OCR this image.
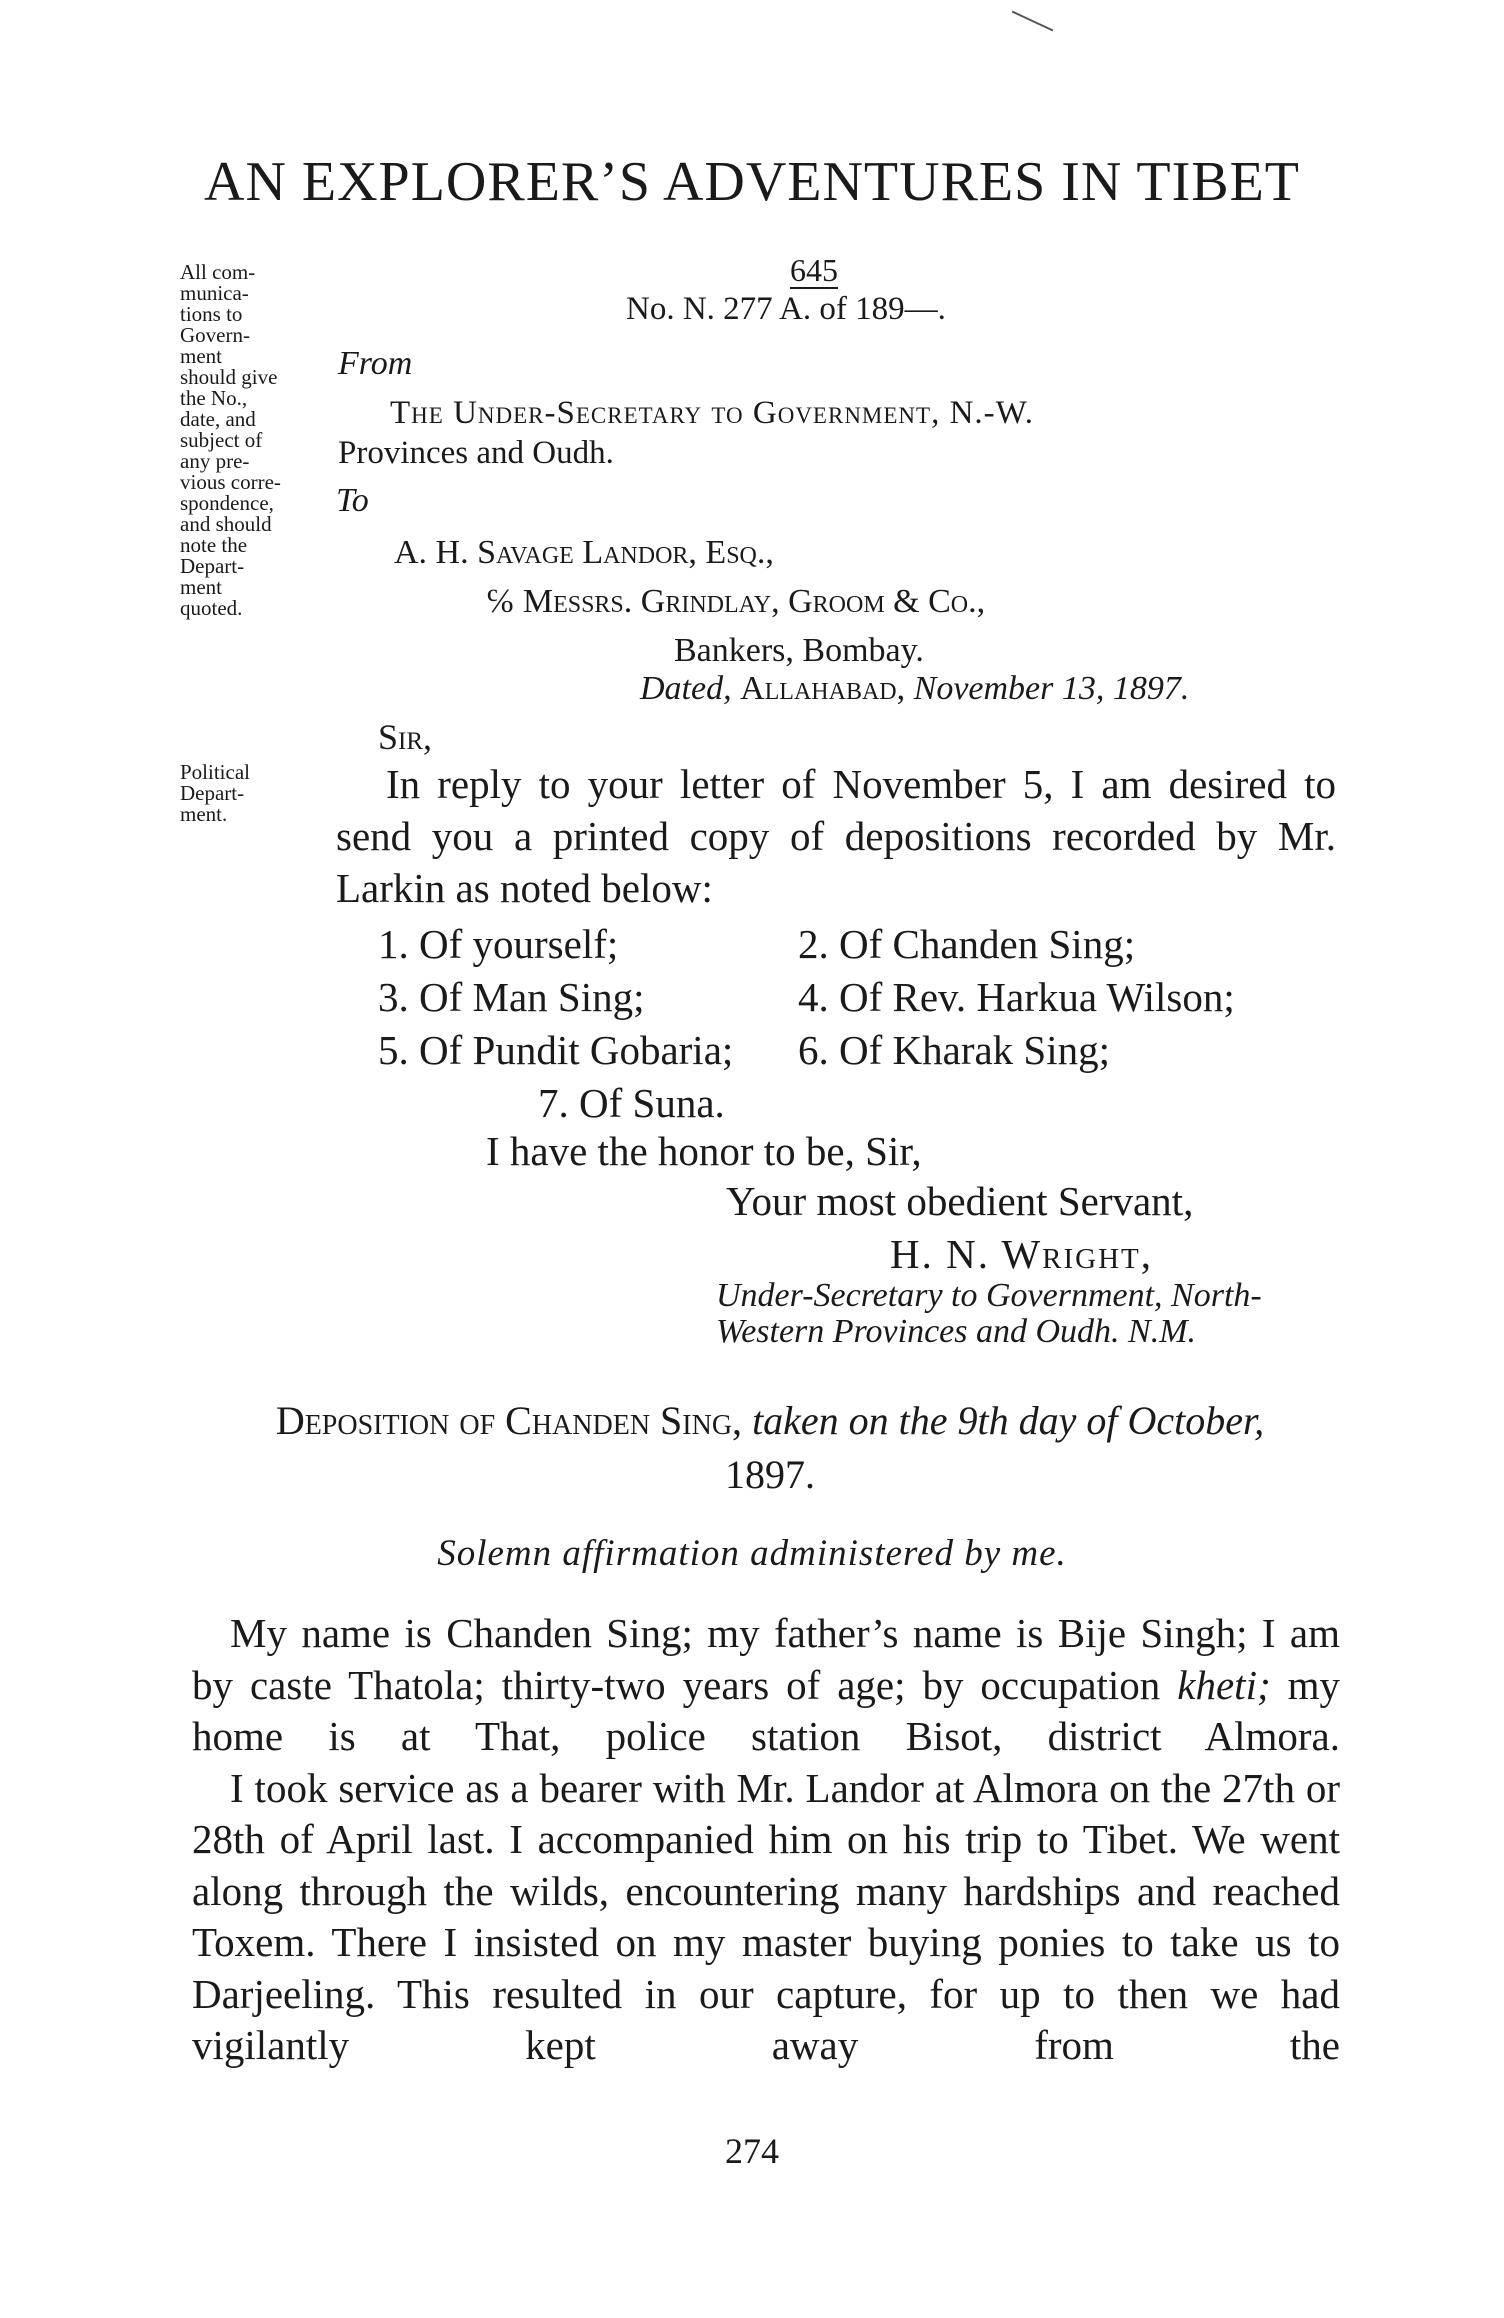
AN EXPLORER’S ADVENTURES IN TIBET
All com-
munica-
tions to
Govern-
ment
should give
the No.,
date, and
subject of
any pre-
vious corre-
spondence,
and should
note the
Depart-
ment
quoted.
Political
Depart-
ment.
645
No. N. 277 A. of 189—.
From
The Under-Secretary to Government, N.-W.
Provinces and Oudh.
To
A. H. Savage Landor, Esq.,
℅ Messrs. Grindlay, Groom & Co.,
Bankers, Bombay.
Dated, Allahabad, November 13, 1897.
Sir,

In reply to your letter of November 5, I am desired to send you a printed copy of depositions recorded by Mr. Larkin as noted below:

1. Of yourself;	2. Of Chanden Sing;
3. Of Man Sing;	4. Of Rev. Harkua Wilson;
5. Of Pundit Gobaria;	6. Of Kharak Sing;
7. Of Suna.
I have the honor to be, Sir,
Your most obedient Servant,
H. N. Wright,
Under-Secretary to Government, North-
Western Provinces and Oudh. N.M.
Deposition of Chanden Sing, taken on the 9th day of October,
1897.
Solemn affirmation administered by me.

My name is Chanden Sing; my father’s name is Bije Singh; I am by caste Thatola; thirty-two years of age; by occupation kheti; my home is at That, police station Bisot, district Almora.

I took service as a bearer with Mr. Landor at Almora on the 27th or 28th of April last. I accompanied him on his trip to Tibet. We went along through the wilds, encountering many hardships and reached Toxem. There I insisted on my master buying ponies to take us to Darjeeling. This resulted in our capture, for up to then we had vigilantly kept away from the

274
